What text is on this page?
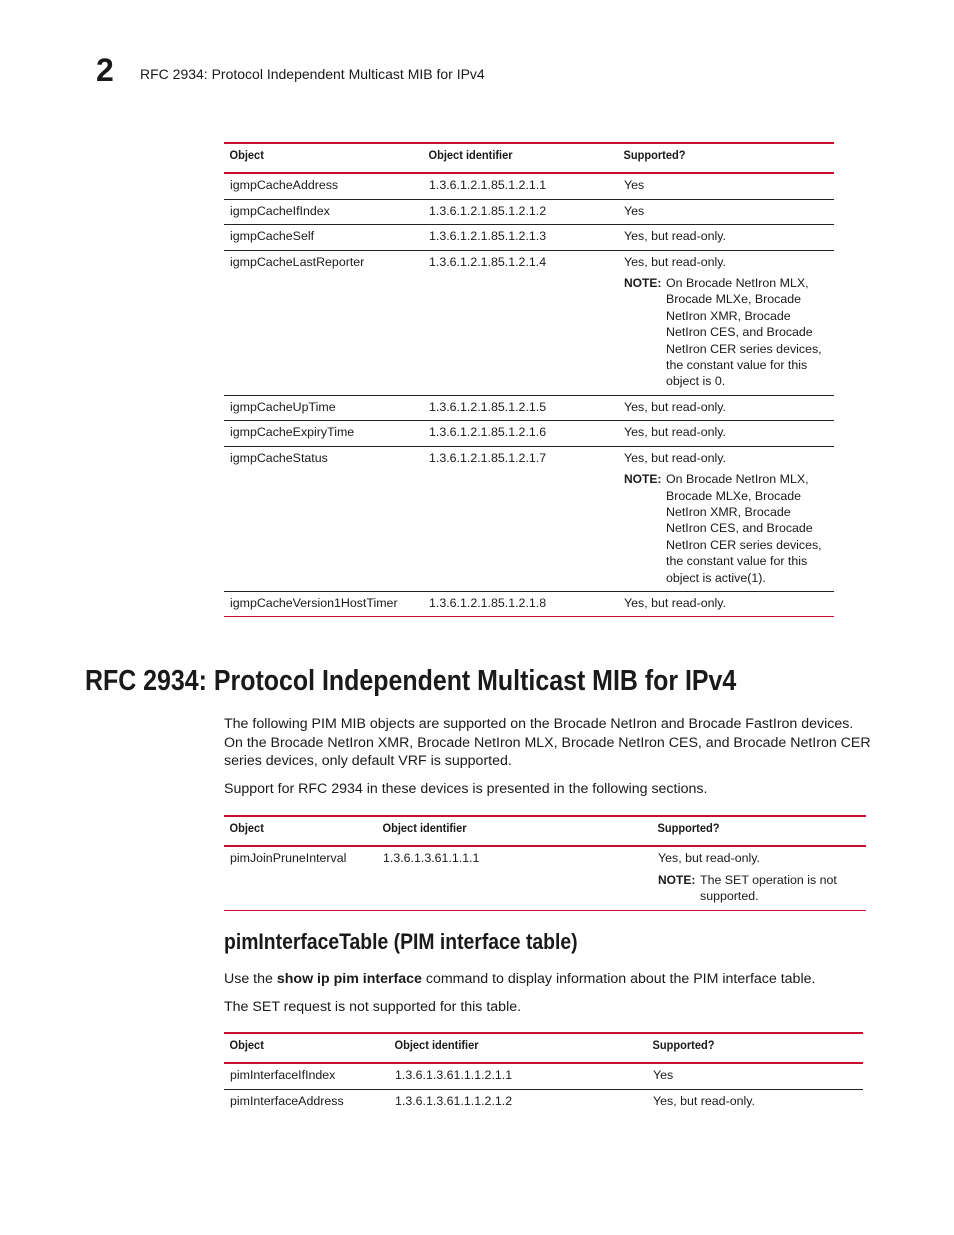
2 RFC 2934: Protocol Independent Multicast MIB for IPv4
Object	Object identifier	Supported?
igmpCacheAddress	1.3.6.1.2.1.85.1.2.1.1	Yes
igmpCacheIfIndex	1.3.6.1.2.1.85.1.2.1.2	Yes
igmpCacheSelf	1.3.6.1.2.1.85.1.2.1.3	Yes, but read-only.
igmpCacheLastReporter	1.3.6.1.2.1.85.1.2.1.4	Yes, but read-only.
NOTE: On Brocade NetIron MLX, Brocade MLXe, Brocade NetIron XMR, Brocade NetIron CES, and Brocade NetIron CER series devices, the constant value for this object is 0.

igmpCacheUpTime	1.3.6.1.2.1.85.1.2.1.5	Yes, but read-only.
igmpCacheExpiryTime	1.3.6.1.2.1.85.1.2.1.6	Yes, but read-only.
igmpCacheStatus	1.3.6.1.2.1.85.1.2.1.7	Yes, but read-only.
NOTE: On Brocade NetIron MLX, Brocade MLXe, Brocade NetIron XMR, Brocade NetIron CES, and Brocade NetIron CER series devices, the constant value for this object is active(1).

igmpCacheVersion1HostTimer	1.3.6.1.2.1.85.1.2.1.8	Yes, but read-only.
RFC 2934: Protocol Independent Multicast MIB for IPv4

The following PIM MIB objects are supported on the Brocade NetIron and Brocade FastIron devices. On the Brocade NetIron XMR, Brocade NetIron MLX, Brocade NetIron CES, and Brocade NetIron CER series devices, only default VRF is supported.

Support for RFC 2934 in these devices is presented in the following sections.

Object	Object identifier	Supported?
pimJoinPruneInterval	1.3.6.1.3.61.1.1.1	Yes, but read-only.
NOTE: The SET operation is not supported.
pimInterfaceTable (PIM interface table)

Use the show ip pim interface command to display information about the PIM interface table.

The SET request is not supported for this table.

Object	Object identifier	Supported?
pimInterfaceIfIndex	1.3.6.1.3.61.1.1.2.1.1	Yes
pimInterfaceAddress	1.3.6.1.3.61.1.1.2.1.2	Yes, but read-only.
